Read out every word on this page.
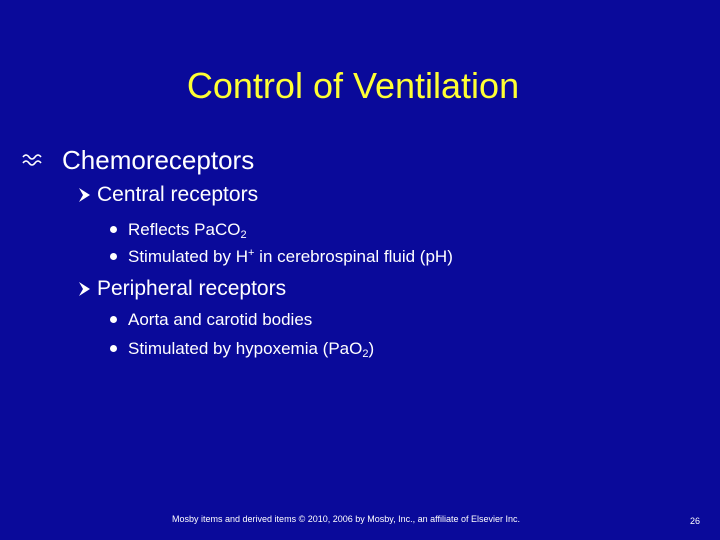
Control of Ventilation
Chemoreceptors
Central receptors
Reflects PaCO$_2$
Stimulated by H+ in cerebrospinal fluid (pH)
Peripheral receptors
Aorta and carotid bodies
Stimulated by hypoxemia (PaO$_2$)
Mosby items and derived items © 2010, 2006 by Mosby, Inc., an affiliate of Elsevier Inc.	26
